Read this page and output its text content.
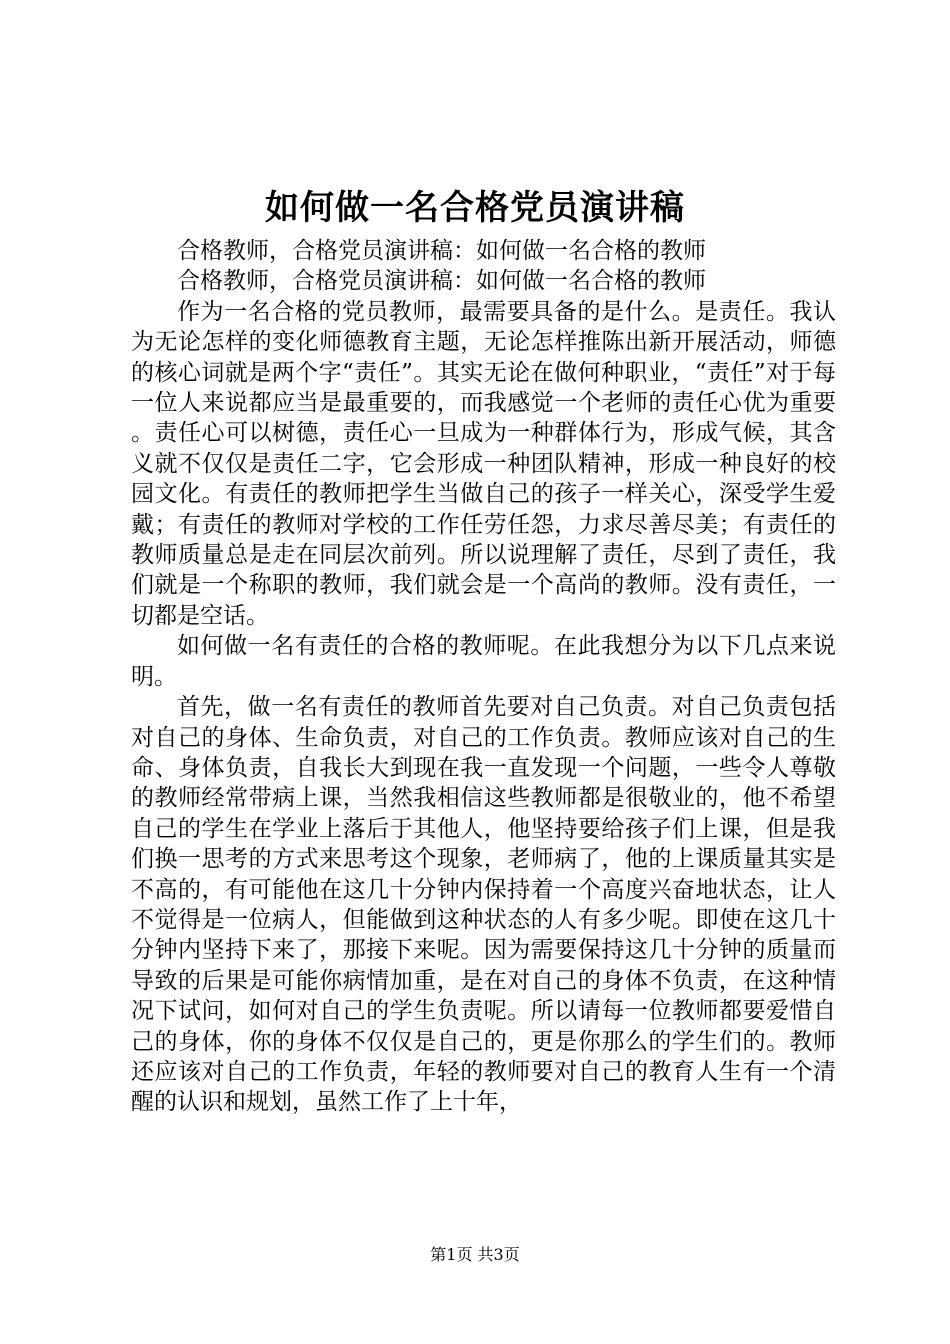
如何做一名合格党员演讲稿

合格教师，合格党员演讲稿：如何做一名合格的教师

合格教师，合格党员演讲稿：如何做一名合格的教师

作为一名合格的党员教师，最需要具备的是什么。是责任。我认为无论怎样的变化师德教育主题，无论怎样推陈出新开展活动，师德的核心词就是两个字“责任”。其实无论在做何种职业，“责任”对于每一位人来说都应当是最重要的，而我感觉一个老师的责任心优为重要。责任心可以树德，责任心一旦成为一种群体行为，形成气候，其含义就不仅仅是责任二字，它会形成一种团队精神，形成一种良好的校园文化。有责任的教师把学生当做自己的孩子一样关心，深受学生爱戴；有责任的教师对学校的工作任劳任怨，力求尽善尽美；有责任的教师质量总是走在同层次前列。所以说理解了责任，尽到了责任，我们就是一个称职的教师，我们就会是一个高尚的教师。没有责任，一切都是空话。

如何做一名有责任的合格的教师呢。在此我想分为以下几点来说明。

首先，做一名有责任的教师首先要对自己负责。对自己负责包括对自己的身体、生命负责，对自己的工作负责。教师应该对自己的生命、身体负责，自我长大到现在我一直发现一个问题，一些令人尊敬的教师经常带病上课，当然我相信这些教师都是很敬业的，他不希望自己的学生在学业上落后于其他人，他坚持要给孩子们上课，但是我们换一思考的方式来思考这个现象，老师病了，他的上课质量其实是不高的，有可能他在这几十分钟内保持着一个高度兴奋地状态，让人不觉得是一位病人，但能做到这种状态的人有多少呢。即使在这几十分钟内坚持下来了，那接下来呢。因为需要保持这几十分钟的质量而导致的后果是可能你病情加重，是在对自己的身体不负责，在这种情况下试问，如何对自己的学生负责呢。所以请每一位教师都要爱惜自己的身体，你的身体不仅仅是自己的，更是你那么的学生们的。教师还应该对自己的工作负责，年轻的教师要对自己的教育人生有一个清醒的认识和规划，虽然工作了上十年，

第1页 共3页
